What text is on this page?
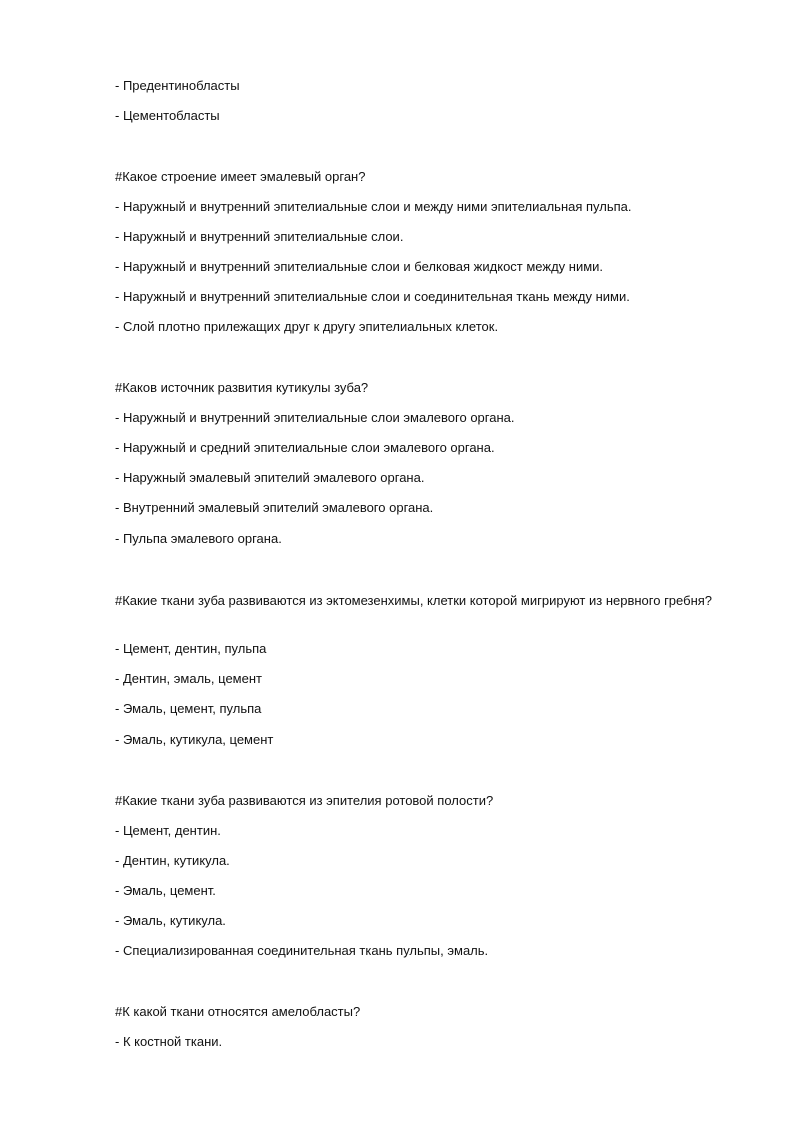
- Предентинобласты
- Цементобласты
#Какое строение имеет эмалевый орган?
- Наружный и внутренний эпителиальные слои и между ними эпителиальная пульпа.
- Наружный и внутренний эпителиальные слои.
- Наружный и внутренний эпителиальные слои и белковая жидкост между ними.
- Наружный и внутренний эпителиальные слои и соединительная ткань между ними.
- Слой плотно прилежащих друг к другу эпителиальных клеток.
#Каков источник развития кутикулы зуба?
- Наружный и внутренний эпителиальные слои эмалевого органа.
- Наружный и средний эпителиальные слои эмалевого органа.
- Наружный эмалевый эпителий эмалевого органа.
- Внутренний эмалевый эпителий эмалевого органа.
- Пульпа эмалевого органа.
#Какие ткани зуба развиваются из эктомезенхимы, клетки которой мигрируют из нервного гребня?
- Цемент, дентин, пульпа
- Дентин, эмаль, цемент
- Эмаль, цемент, пульпа
- Эмаль, кутикула, цемент
#Какие ткани зуба развиваются из эпителия ротовой полости?
- Цемент, дентин.
- Дентин, кутикула.
- Эмаль, цемент.
- Эмаль, кутикула.
- Специализированная соединительная ткань пульпы, эмаль.
#К какой ткани относятся амелобласты?
- К костной ткани.
